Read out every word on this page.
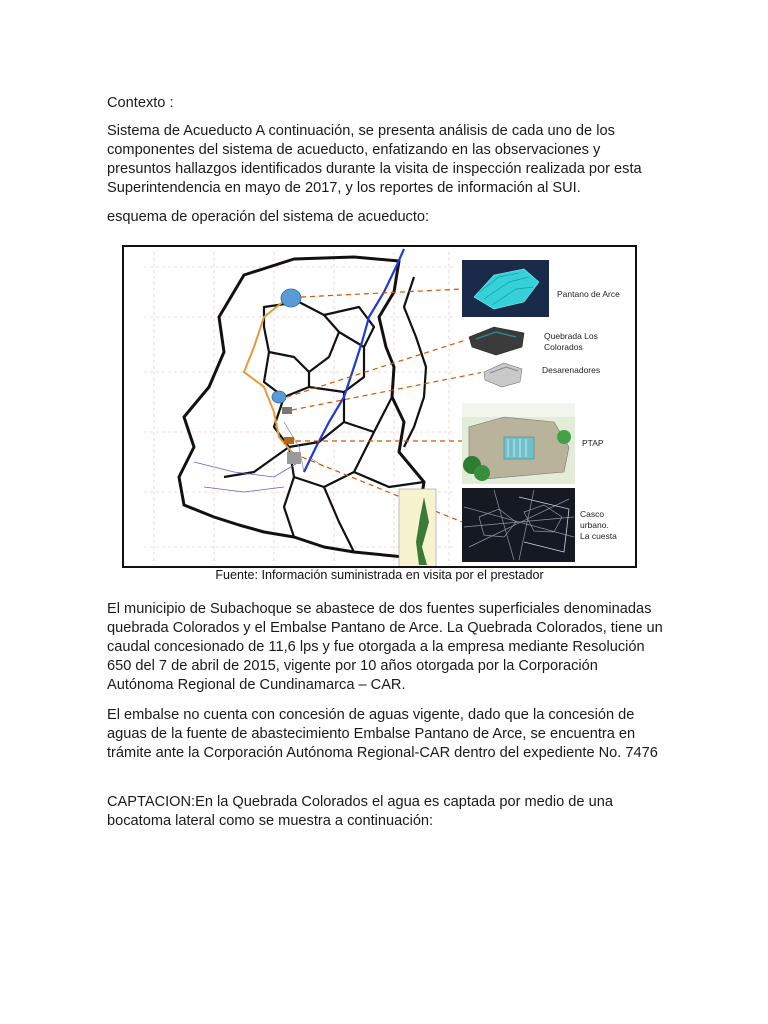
Contexto :

Sistema de Acueducto A continuación, se presenta análisis de cada uno de los componentes del sistema de acueducto, enfatizando en las observaciones y presuntos hallazgos identificados durante la visita de inspección realizada por esta Superintendencia en mayo de 2017, y los reportes de información al SUI.

esquema de operación del sistema de acueducto:

Pantano de Arce
Quebrada Los
Colorados
Desarenadores
PTAP
Casco
urbano.
La cuesta
Fuente: Información suministrada en visita por el prestador

El municipio de Subachoque se abastece de dos fuentes superficiales denominadas quebrada Colorados y el Embalse Pantano de Arce. La Quebrada Colorados, tiene un caudal concesionado de 11,6 lps y fue otorgada a la empresa mediante Resolución 650 del 7 de abril de 2015, vigente por 10 años otorgada por la Corporación Autónoma Regional de Cundinamarca – CAR.

El embalse no cuenta con concesión de aguas vigente, dado que la concesión de aguas de la fuente de abastecimiento Embalse Pantano de Arce, se encuentra en trámite ante la Corporación Autónoma Regional-CAR dentro del expediente No. 7476

CAPTACION:En la Quebrada Colorados el agua es captada por medio de una bocatoma lateral como se muestra a continuación:
